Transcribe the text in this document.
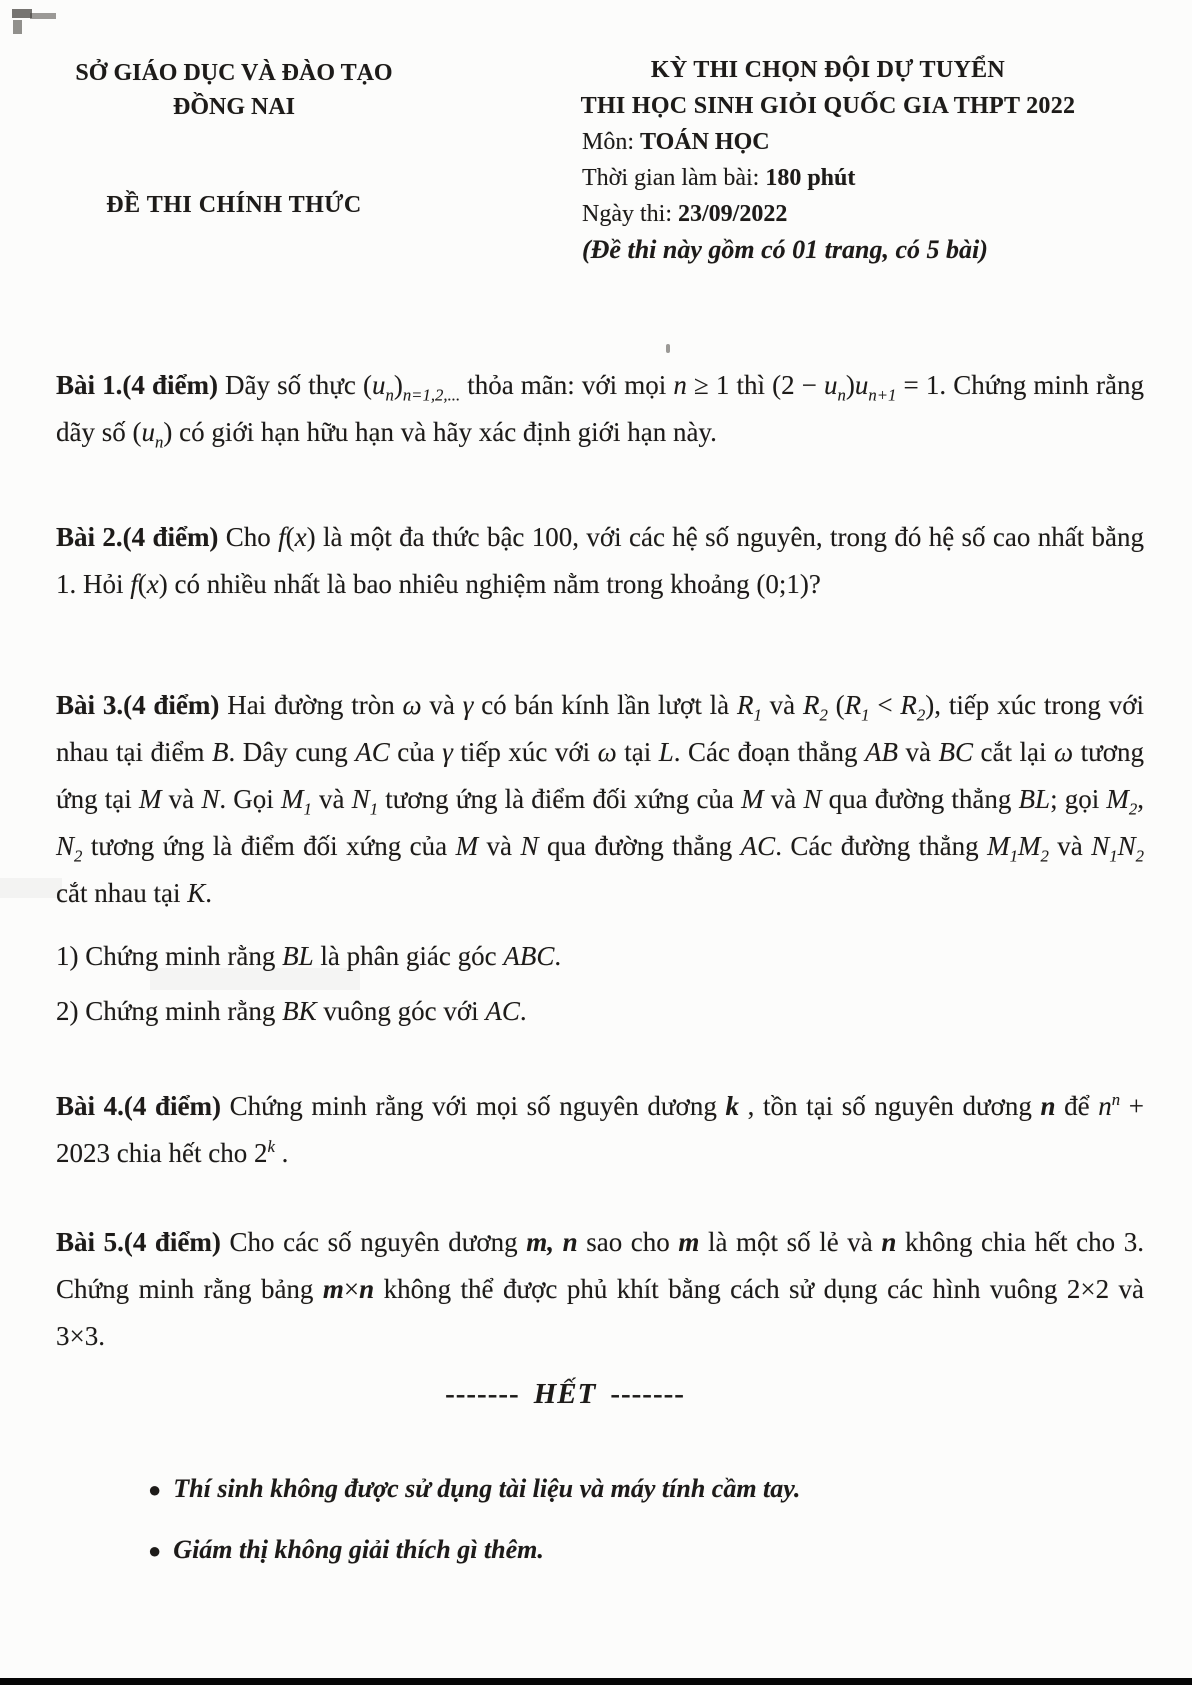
SỞ GIÁO DỤC VÀ ĐÀO TẠO
ĐỒNG NAI
ĐỀ THI CHÍNH THỨC
KỲ THI CHỌN ĐỘI DỰ TUYỂN
THI HỌC SINH GIỎI QUỐC GIA THPT 2022
Môn: TOÁN HỌC
Thời gian làm bài: 180 phút
Ngày thi: 23/09/2022
(Đề thi này gồm có 01 trang, có 5 bài)

Bài 1.(4 điểm) Dãy số thực $(u_n)_{n=1,2,...}$ thỏa mãn: với mọi n ≥ 1 thì $(2 - u_n)u_{n+1} = 1$. Chứng minh rằng dãy số $(u_n)$ có giới hạn hữu hạn và hãy xác định giới hạn này.

Bài 2.(4 điểm) Cho f(x) là một đa thức bậc 100, với các hệ số nguyên, trong đó hệ số cao nhất bằng 1. Hỏi f(x) có nhiều nhất là bao nhiêu nghiệm nằm trong khoảng (0;1)?

Bài 3.(4 điểm) Hai đường tròn ω và γ có bán kính lần lượt là $R_1$ và $R_2$ $(R_1 < R_2)$, tiếp xúc trong với nhau tại điểm B. Dây cung AC của γ tiếp xúc với ω tại L. Các đoạn thẳng AB và BC cắt lại ω tương ứng tại M và N. Gọi $M_1$ và $N_1$ tương ứng là điểm đối xứng của M và N qua đường thẳng BL; gọi $M_2$, $N_2$ tương ứng là điểm đối xứng của M và N qua đường thẳng AC. Các đường thẳng $M_1M_2$ và $N_1N_2$ cắt nhau tại K.

1) Chứng minh rằng BL là phân giác góc ABC.

2) Chứng minh rằng BK vuông góc với AC.

Bài 4.(4 điểm) Chứng minh rằng với mọi số nguyên dương k , tồn tại số nguyên dương n để $n^n + 2023$ chia hết cho 2$^k$ .

Bài 5.(4 điểm) Cho các số nguyên dương m, n sao cho m là một số lẻ và n không chia hết cho 3. Chứng minh rằng bảng m×n không thể được phủ khít bằng cách sử dụng các hình vuông 2×2 và 3×3.

------- HẾT -------
● Thí sinh không được sử dụng tài liệu và máy tính cầm tay.
● Giám thị không giải thích gì thêm.
